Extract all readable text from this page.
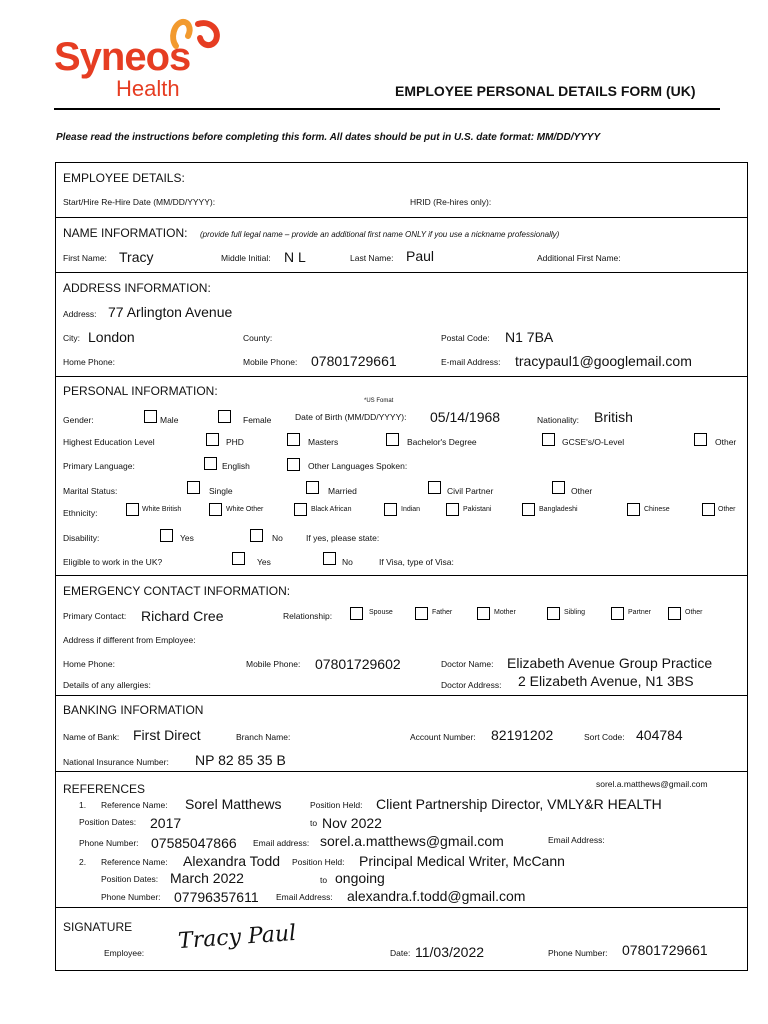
Syneos
Health	EMPLOYEE PERSONAL DETAILS FORM (UK)
Please read the instructions before completing this form. All dates should be put in U.S. date format: MM/DD/YYYY
EMPLOYEE DETAILS:
Start/Hire Re-Hire Date (MM/DD/YYYY):	HRID (Re-hires only):
NAME INFORMATION: (provide full legal name – provide an additional first name ONLY if you use a nickname professionally)
First Name: Tracy	Middle Initial: N L	Last Name: Paul	Additional First Name:
ADDRESS INFORMATION:
Address: 77 Arlington Avenue
City: London	County:	Postal Code: N1 7BA
Home Phone:	Mobile Phone: 07801729661	E-mail Address: tracypaul1@googlemail.com
PERSONAL INFORMATION:
*US Fomat
Gender:	Male	Female	Date of Birth (MM/DD/YYYY): 05/14/1968	Nationality: British
Highest Education Level	PHD	Masters	Bachelor's Degree	GCSE's/O-Level	Other
Primary Language:	English	Other Languages Spoken:
Marital Status:	Single	Married	Civil Partner	Other
Ethnicity:	White British	White Other	Black African	Indian	Pakistani	Bangladeshi	Chinese	Other
Disability:	Yes	No	If yes, please state:
Eligible to work in the UK?	Yes	No	If Visa, type of Visa:
EMERGENCY CONTACT INFORMATION:
Primary Contact: Richard Cree	Relationship:	Spouse	Father	Mother	Sibling	Partner	Other
Address if different from Employee:
Home Phone:	Mobile Phone: 07801729602	Doctor Name: Elizabeth Avenue Group Practice
Details of any allergies:	Doctor Address: 2 Elizabeth Avenue, N1 3BS
BANKING INFORMATION
Name of Bank: First Direct	Branch Name:	Account Number: 82191202	Sort Code: 404784
National Insurance Number: NP 82 85 35 B
REFERENCES	sorel.a.matthews@gmail.com
1. Reference Name: Sorel Matthews	Position Held: Client Partnership Director, VMLY&R HEALTH
Position Dates: 2017	to Nov 2022
Phone Number: 07585047866 Email address: sorel.a.matthews@gmail.com	Email Address:
2. Reference Name: Alexandra Todd Position Held: Principal Medical Writer, McCann
Position Dates: March 2022	to ongoing
Phone Number: 07796357611 Email Address: alexandra.f.todd@gmail.com
SIGNATURE
Employee: Tracy Paul	Date: 11/03/2022	Phone Number: 07801729661
